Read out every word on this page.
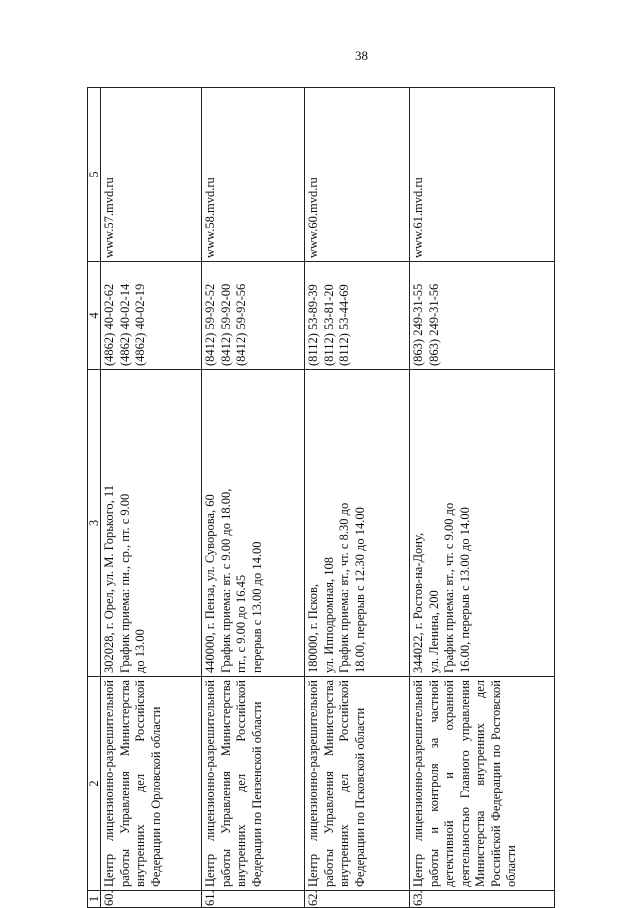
38
1	2	3	4	5
60.	Центр лицензионно-разрешительной работы Управления Министерства внутренних дел Российской Федерации по Орловской области	302028, г. Орел, ул. М. Горького, 11 График приема: пн., ср., пт. с 9.00 до 13.00	(4862) 40-02-62 (4862) 40-02-14 (4862) 40-02-19	www.57.mvd.ru
61.	Центр лицензионно-разрешительной работы Управления Министерства внутренних дел Российской Федерации по Пензенской области	440000, г. Пенза, ул. Суворова, 60 График приема: вт. с 9.00 до 18.00, пт., с 9.00 до 16.45 перерыв с 13.00 до 14.00	(8412) 59-92-52 (8412) 59-92-00 (8412) 59-92-56	www.58.mvd.ru
62.	Центр лицензионно-разрешительной работы Управления Министерства внутренних дел Российской Федерации по Псковской области	180000, г. Псков, ул. Ипподромная, 108 График приема: вт., чт. с 8.30 до 18.00, перерыв с 12.30 до 14.00	(8112) 53-89-39 (8112) 53-81-20 (8112) 53-44-69	www.60.mvd.ru
63.	Центр лицензионно-разрешительной работы и контроля за частной детективной и охранной деятельностью Главного управления Министерства внутренних дел Российской Федерации по Ростовской области	344022, г. Ростов-на-Дону, ул. Ленина, 200 График приема: вт., чт. с 9.00 до 16.00, перерыв с 13.00 до 14.00	(863) 249-31-55 (863) 249-31-56	www.61.mvd.ru
